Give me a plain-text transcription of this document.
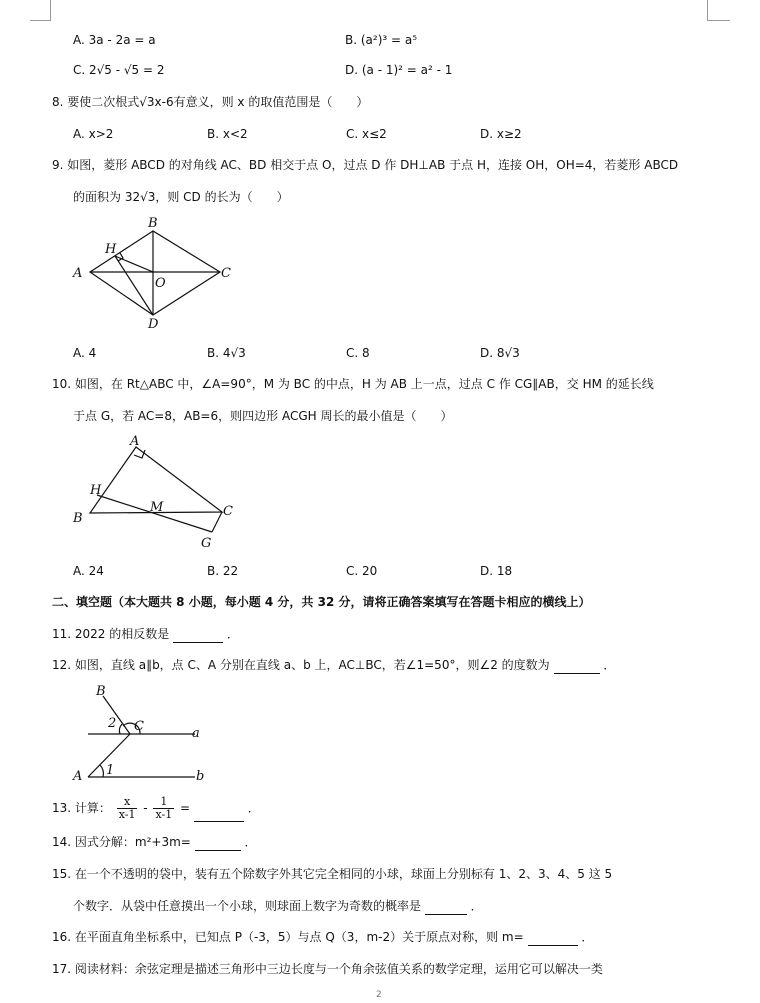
A. 3a - 2a = a	B. (a²)³ = a⁵
C. 2√5 - √5 = 2	D. (a - 1)² = a² - 1
8. 要使二次根式√3x-6有意义，则 x 的取值范围是（　　）
A. x>2	B. x<2	C. x≤2	D. x≥2
9. 如图，菱形 ABCD 的对角线 AC、BD 相交于点 O，过点 D 作 DH⊥AB 于点 H，连接 OH，OH=4，若菱形 ABCD
的面积为 32√3，则 CD 的长为（　　）
A
B
C
D
H
O
A. 4	B. 4√3	C. 8	D. 8√3
10. 如图，在 Rt△ABC 中，∠A=90°，M 为 BC 的中点，H 为 AB 上一点，过点 C 作 CG∥AB，交 HM 的延长线
于点 G，若 AC=8，AB=6，则四边形 ACGH 周长的最小值是（　　）
A
H
B
M	C
G
A. 24	B. 22	C. 20	D. 18
二、填空题（本大题共 8 小题，每小题 4 分，共 32 分，请将正确答案填写在答题卡相应的横线上）
11. 2022 的相反数是	．
12. 如图，直线 a∥b，点 C、A 分别在直线 a、b 上，AC⊥BC，若∠1=50°，则∠2 的度数为	．
B
2 C	a
A 1	b
13. 计算： $\frac{x}{x-1} - \frac{1}{x-1}$ =	．
14. 因式分解：m²+3m=	．
15. 在一个不透明的袋中，装有五个除数字外其它完全相同的小球，球面上分别标有 1、2、3、4、5 这 5
个数字．从袋中任意摸出一个小球，则球面上数字为奇数的概率是	．
16. 在平面直角坐标系中，已知点 P（-3，5）与点 Q（3，m-2）关于原点对称，则 m=	．
17. 阅读材料：余弦定理是描述三角形中三边长度与一个角余弦值关系的数学定理，运用它可以解决一类
2
